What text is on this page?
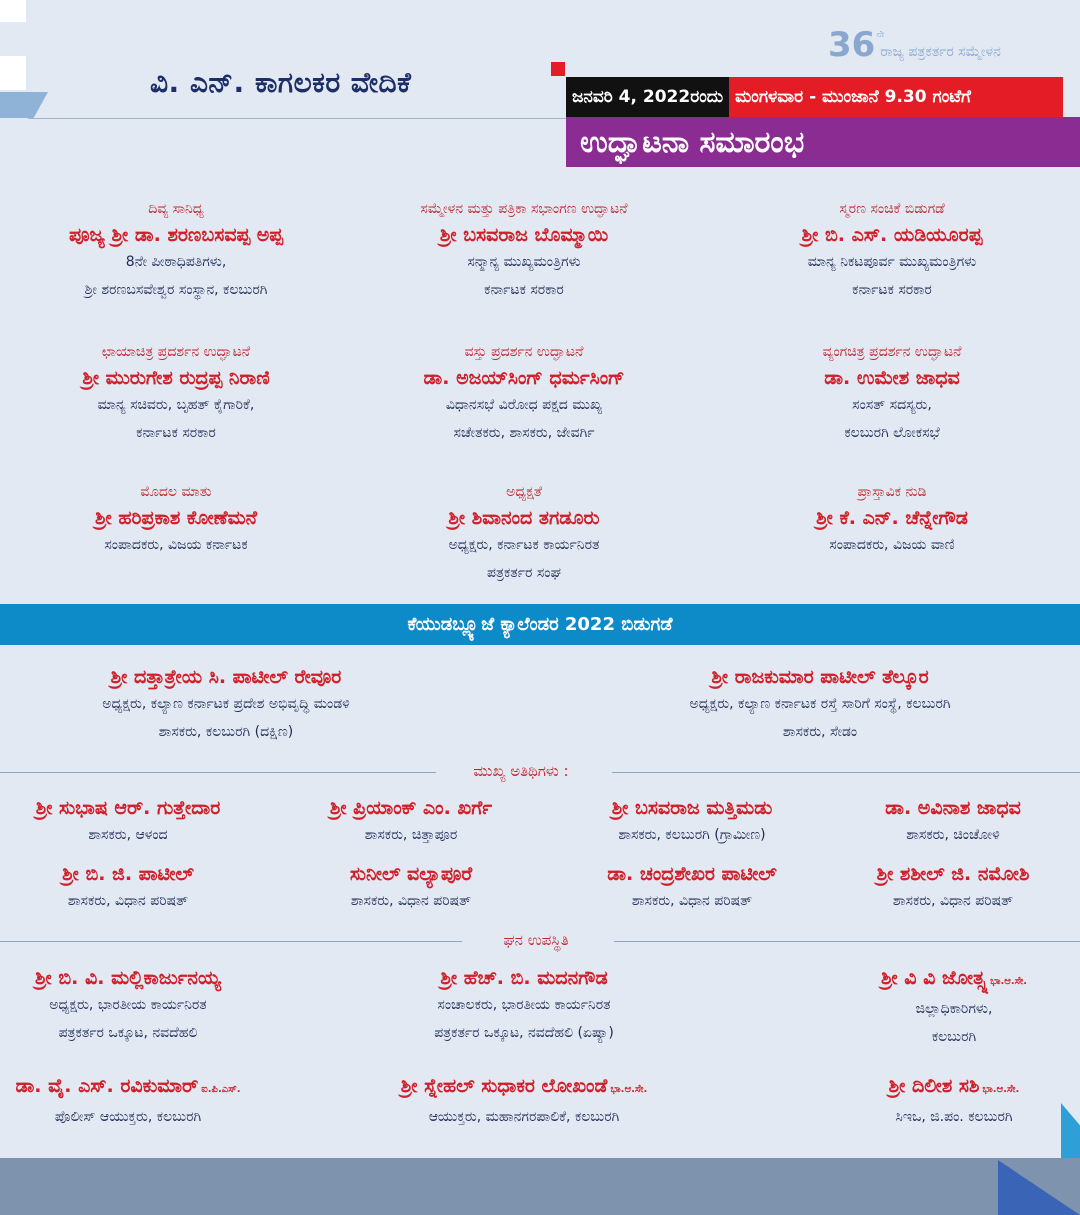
ವಿ. ಎನ್. ಕಾಗಲಕರ ವೇದಿಕೆ
36 ನೇ
ರಾಜ್ಯ ಪತ್ರಕರ್ತರ ಸಮ್ಮೇಳನ
ಜನವರಿ 4, 2022ರಂದು ಮಂಗಳವಾರ - ಮುಂಜಾನೆ 9.30 ಗಂಟೆಗೆ
ಉದ್ಘಾಟನಾ ಸಮಾರಂಭ
ದಿವ್ಯ ಸಾನಿಧ್ಯ
ಪೂಜ್ಯ ಶ್ರೀ ಡಾ. ಶರಣಬಸವಪ್ಪ ಅಪ್ಪ
8ನೇ ಪೀಠಾಧಿಪತಿಗಳು,
ಶ್ರೀ ಶರಣಬಸವೇಶ್ವರ ಸಂಸ್ಥಾನ, ಕಲಬುರಗಿ
ಸಮ್ಮೇಳನ ಮತ್ತು ಪತ್ರಿಕಾ ಸಭಾಂಗಣ ಉದ್ಘಾಟನೆ
ಶ್ರೀ ಬಸವರಾಜ ಬೊಮ್ಮಾಯಿ
ಸನ್ಮಾನ್ಯ ಮುಖ್ಯಮಂತ್ರಿಗಳು
ಕರ್ನಾಟಕ ಸರಕಾರ
ಸ್ಮರಣ ಸಂಚಿಕೆ ಬಿಡುಗಡೆ
ಶ್ರೀ ಬಿ. ಎಸ್. ಯಡಿಯೂರಪ್ಪ
ಮಾನ್ಯ ನಿಕಟಪೂರ್ವ ಮುಖ್ಯಮಂತ್ರಿಗಳು
ಕರ್ನಾಟಕ ಸರಕಾರ
ಛಾಯಾಚಿತ್ರ ಪ್ರದರ್ಶನ ಉದ್ಘಾಟನೆ
ಶ್ರೀ ಮುರುಗೇಶ ರುದ್ರಪ್ಪ ನಿರಾಣಿ
ಮಾನ್ಯ ಸಚಿವರು, ಬೃಹತ್ ಕೈಗಾರಿಕೆ,
ಕರ್ನಾಟಕ ಸರಕಾರ
ವಸ್ತು ಪ್ರದರ್ಶನ ಉದ್ಘಾಟನೆ
ಡಾ. ಅಜಯ್‌ಸಿಂಗ್ ಧರ್ಮಸಿಂಗ್
ವಿಧಾನಸಭೆ ವಿರೋಧ ಪಕ್ಷದ ಮುಖ್ಯ
ಸಚೇತಕರು, ಶಾಸಕರು, ಜೇವರ್ಗಿ
ವ್ಯಂಗಚಿತ್ರ ಪ್ರದರ್ಶನ ಉದ್ಘಾಟನೆ
ಡಾ. ಉಮೇಶ ಜಾಧವ
ಸಂಸತ್ ಸದಸ್ಯರು,
ಕಲಬುರಗಿ ಲೋಕಸಭೆ
ಮೊದಲ ಮಾತು
ಶ್ರೀ ಹರಿಪ್ರಕಾಶ ಕೋಣೆಮನೆ
ಸಂಪಾದಕರು, ವಿಜಯ ಕರ್ನಾಟಕ
ಅಧ್ಯಕ್ಷತೆ
ಶ್ರೀ ಶಿವಾನಂದ ತಗಡೂರು
ಅಧ್ಯಕ್ಷರು, ಕರ್ನಾಟಕ ಕಾರ್ಯನಿರತ
ಪತ್ರಕರ್ತರ ಸಂಘ
ಪ್ರಾಸ್ತಾವಿಕ ನುಡಿ
ಶ್ರೀ ಕೆ. ಎನ್. ಚೆನ್ನೇಗೌಡ
ಸಂಪಾದಕರು, ವಿಜಯ ವಾಣಿ
ಕೆಯುಡಬ್ಲ್ಯೂಜೆ ಕ್ಯಾಲೆಂಡರ 2022 ಬಿಡುಗಡೆ
ಶ್ರೀ ದತ್ತಾತ್ರೇಯ ಸಿ. ಪಾಟೀಲ್ ರೇವೂರ
ಅಧ್ಯಕ್ಷರು, ಕಲ್ಯಾಣ ಕರ್ನಾಟಕ ಪ್ರದೇಶ ಅಭಿವೃದ್ಧಿ ಮಂಡಳಿ
ಶಾಸಕರು, ಕಲಬುರಗಿ (ದಕ್ಷಿಣ)
ಶ್ರೀ ರಾಜಕುಮಾರ ಪಾಟೀಲ್ ತೆಲ್ಕೂರ
ಅಧ್ಯಕ್ಷರು, ಕಲ್ಯಾಣ ಕರ್ನಾಟಕ ರಸ್ತೆ ಸಾರಿಗೆ ಸಂಸ್ಥೆ, ಕಲಬುರಗಿ
ಶಾಸಕರು, ಸೇಡಂ
ಮುಖ್ಯ ಅತಿಥಿಗಳು :
ಶ್ರೀ ಸುಭಾಷ ಆರ್. ಗುತ್ತೇದಾರ
ಶಾಸಕರು, ಆಳಂದ
ಶ್ರೀ ಪ್ರಿಯಾಂಕ್ ಎಂ. ಖರ್ಗೆ
ಶಾಸಕರು, ಚಿತ್ತಾಪೂರ
ಶ್ರೀ ಬಸವರಾಜ ಮತ್ತಿಮಡು
ಶಾಸಕರು, ಕಲಬುರಗಿ (ಗ್ರಾಮೀಣ)
ಡಾ. ಅವಿನಾಶ ಜಾಧವ
ಶಾಸಕರು, ಚಿಂಚೋಳಿ
ಶ್ರೀ ಬಿ. ಜಿ. ಪಾಟೀಲ್
ಶಾಸಕರು, ವಿಧಾನ ಪರಿಷತ್
ಸುನೀಲ್ ವಲ್ಯಾಪೂರೆ
ಶಾಸಕರು, ವಿಧಾನ ಪರಿಷತ್
ಡಾ. ಚಂದ್ರಶೇಖರ ಪಾಟೀಲ್
ಶಾಸಕರು, ವಿಧಾನ ಪರಿಷತ್
ಶ್ರೀ ಶಶೀಲ್ ಜಿ. ನಮೋಶಿ
ಶಾಸಕರು, ವಿಧಾನ ಪರಿಷತ್
ಘನ ಉಪಸ್ಥಿತಿ
ಶ್ರೀ ಬಿ. ವಿ. ಮಲ್ಲಿಕಾರ್ಜುನಯ್ಯ
ಅಧ್ಯಕ್ಷರು, ಭಾರತೀಯ ಕಾರ್ಯನಿರತ
ಪತ್ರಕರ್ತರ ಒಕ್ಕೂಟ, ನವದೆಹಲಿ
ಶ್ರೀ ಹೆಚ್. ಬಿ. ಮದನಗೌಡ
ಸಂಚಾಲಕರು, ಭಾರತೀಯ ಕಾರ್ಯನಿರತ
ಪತ್ರಕರ್ತರ ಒಕ್ಕೂಟ, ನವದೆಹಲಿ (ಏಷ್ಯಾ)
ಶ್ರೀ ವಿ ವಿ ಜೋತ್ಸ್ನ ಭಾ.ಆ.ಸೇ.
ಜಿಲ್ಲಾಧಿಕಾರಿಗಳು,
ಕಲಬುರಗಿ
ಡಾ. ವೈ. ಎಸ್. ರವಿಕುಮಾರ್ ಐ.ಪಿ.ಎಸ್.
ಪೊಲೀಸ್ ಆಯುಕ್ತರು, ಕಲಬುರಗಿ
ಶ್ರೀ ಸ್ನೇಹಲ್ ಸುಧಾಕರ ಲೋಖಂಡೆ ಭಾ.ಆ.ಸೇ.
ಆಯುಕ್ತರು, ಮಹಾನಗರಪಾಲಿಕೆ, ಕಲಬುರಗಿ
ಶ್ರೀ ದಿಲೀಶ ಸಶಿ ಭಾ.ಆ.ಸೇ.
ಸಿಇಒ, ಜಿ.ಪಂ. ಕಲಬುರಗಿ
